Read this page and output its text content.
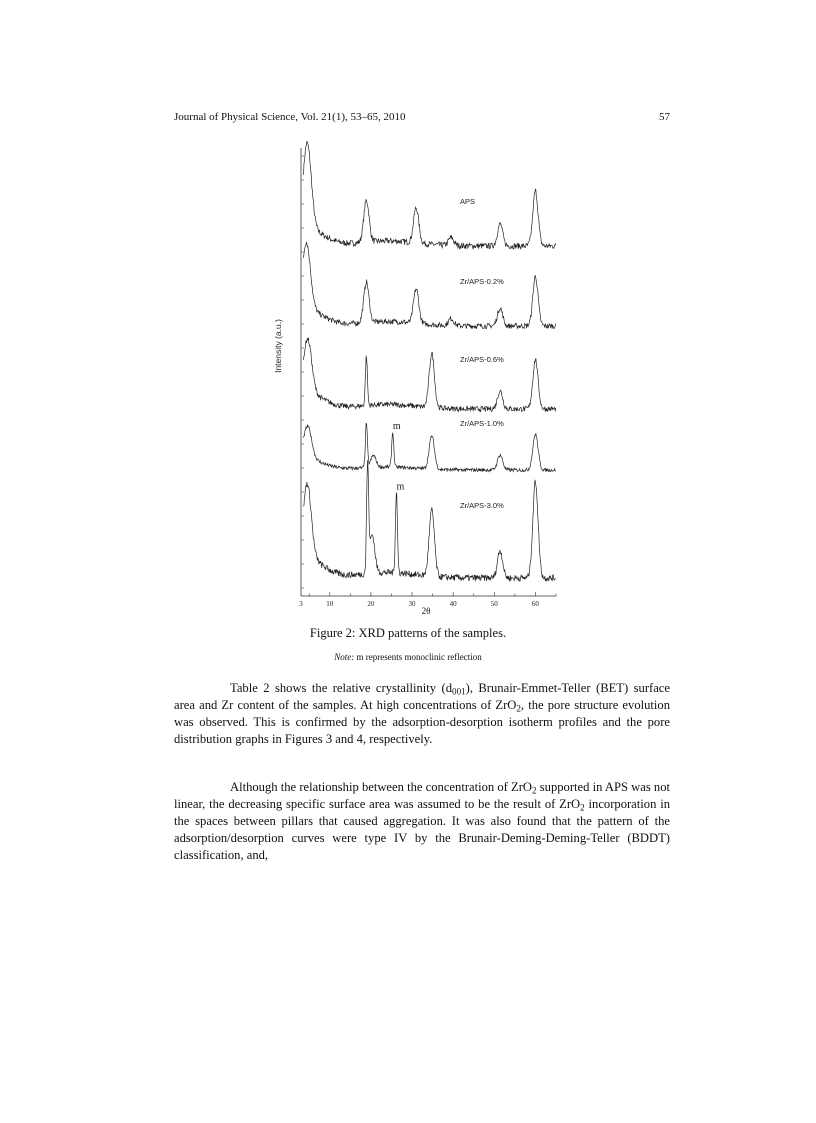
Journal of Physical Science, Vol. 21(1), 53–65, 2010	57
3	10	20	30	40	50	60
APS
Zr/APS-0.2%
Zr/APS-0.6%
Zr/APS-1.0%
Zr/APS-3.0%
m
m
Intensity (a.u.)
2θ
Figure 2: XRD patterns of the samples.
Note: m represents monoclinic reflection

Table 2 shows the relative crystallinity $(d_{001})$, Brunair-Emmet-Teller (BET) surface area and Zr content of the samples. At high concentrations of ZrO$_2$, the pore structure evolution was observed. This is confirmed by the adsorption-desorption isotherm profiles and the pore distribution graphs in Figures 3 and 4, respectively.

Although the relationship between the concentration of ZrO$_2$ supported in APS was not linear, the decreasing specific surface area was assumed to be the result of ZrO$_2$ incorporation in the spaces between pillars that caused aggregation. It was also found that the pattern of the adsorption/desorption curves were type IV by the Brunair-Deming-Deming-Teller (BDDT) classification, and,
